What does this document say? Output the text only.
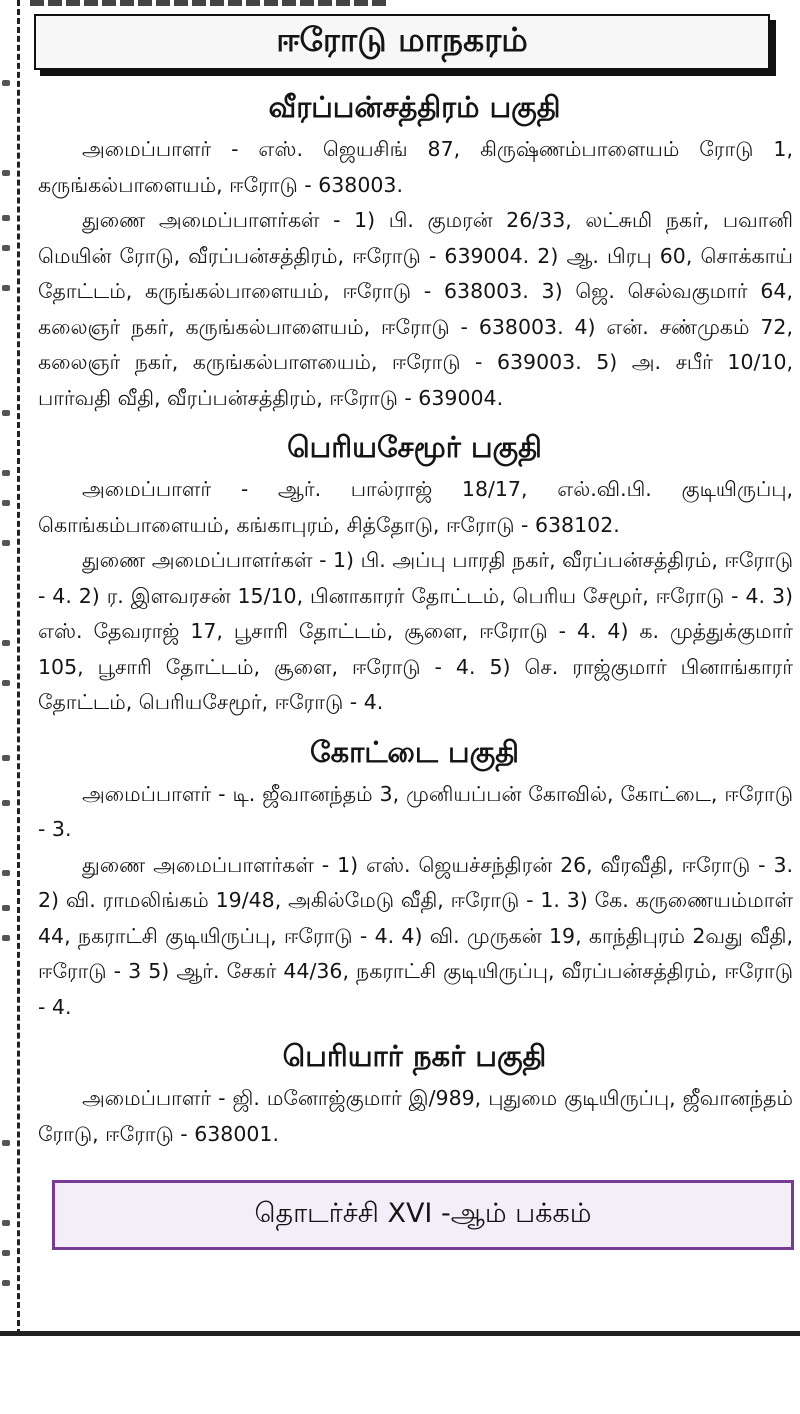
ஈரோடு மாநகரம்
வீரப்பன்சத்திரம் பகுதி

அமைப்பாளர் - எஸ். ஜெயசிங் 87, கிருஷ்ணம்பாளையம் ரோடு 1, கருங்கல்பாளையம், ஈரோடு - 638003.

துணை அமைப்பாளர்கள் - 1) பி. குமரன் 26/33, லட்சுமி நகர், பவானி மெயின் ரோடு, வீரப்பன்சத்திரம், ஈரோடு - 639004. 2) ஆ. பிரபு 60, சொக்காய் தோட்டம், கருங்கல்பாளையம், ஈரோடு - 638003. 3) ஜெ. செல்வகுமார் 64, கலைஞர் நகர், கருங்கல்பாளையம், ஈரோடு - 638003. 4) என். சண்முகம் 72, கலைஞர் நகர், கருங்கல்பாளயைம், ஈரோடு - 639003. 5) அ. சபீர் 10/10, பார்வதி வீதி, வீரப்பன்சத்திரம், ஈரோடு - 639004.

பெரியசேமூர் பகுதி

அமைப்பாளர் - ஆர். பால்ராஜ் 18/17, எல்.வி.பி. குடியிருப்பு, கொங்கம்பாளையம், கங்காபுரம், சித்தோடு, ஈரோடு - 638102.

துணை அமைப்பாளர்கள் - 1) பி. அப்பு பாரதி நகர், வீரப்பன்சத்திரம், ஈரோடு - 4. 2) ர. இளவரசன் 15/10, பினாகாரர் தோட்டம், பெரிய சேமூர், ஈரோடு - 4. 3) எஸ். தேவராஜ் 17, பூசாரி தோட்டம், சூளை, ஈரோடு - 4. 4) க. முத்துக்குமார் 105, பூசாரி தோட்டம், சூளை, ஈரோடு - 4. 5) செ. ராஜ்குமார் பினாங்காரர் தோட்டம், பெரியசேமூர், ஈரோடு - 4.

கோட்டை பகுதி

அமைப்பாளர் - டி. ஜீவானந்தம் 3, முனியப்பன் கோவில், கோட்டை, ஈரோடு - 3.

துணை அமைப்பாளர்கள் - 1) எஸ். ஜெயச்சந்திரன் 26, வீரவீதி, ஈரோடு - 3. 2) வி. ராமலிங்கம் 19/48, அகில்மேடு வீதி, ஈரோடு - 1. 3) கே. கருணையம்மாள் 44, நகராட்சி குடியிருப்பு, ஈரோடு - 4. 4) வி. முருகன் 19, காந்திபுரம் 2வது வீதி, ஈரோடு - 3 5) ஆர். சேகர் 44/36, நகராட்சி குடியிருப்பு, வீரப்பன்சத்திரம், ஈரோடு - 4.

பெரியார் நகர் பகுதி

அமைப்பாளர் - ஜி. மனோஜ்குமார் இ/989, புதுமை குடியிருப்பு, ஜீவானந்தம் ரோடு, ஈரோடு - 638001.

தொடர்ச்சி XVI -ஆம் பக்கம்
